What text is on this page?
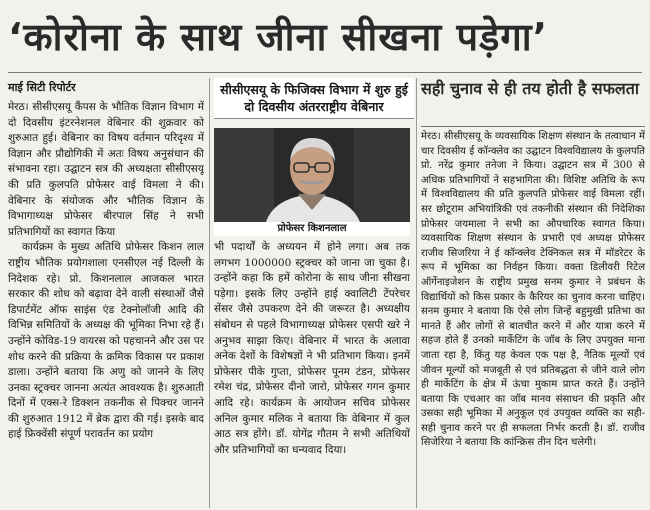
‘कोरोना के साथ जीना सीखना पड़ेगा’
माई सिटी रिपोर्टर

मेरठ। सीसीएसयू कैंपस के भौतिक विज्ञान विभाग में दो दिवसीय इंटरनेशनल वेबिनार की शुक्रवार को शुरुआत हुई। वेबिनार का विषय वर्तमान परिदृश्य में विज्ञान और प्रौद्योगिकी में अतः विषय अनुसंधान की संभावना रहा। उद्घाटन सत्र की अध्यक्षता सीसीएसयू की प्रति कुलपति प्रोफेसर वाई विमला ने की। वेबिनार के संयोजक और भौतिक विज्ञान के विभागाध्यक्ष प्रोफेसर बीरपाल सिंह ने सभी प्रतिभागियों का स्वागत किया

कार्यक्रम के मुख्य अतिथि प्रोफेसर किशन लाल राष्ट्रीय भौतिक प्रयोगशाला एनसीएल नई दिल्ली के निदेशक रहे। प्रो. किशनलाल आजकल भारत सरकार की शोध को बढ़ावा देने वाली संस्थाओं जैसे डिपार्टमेंट ऑफ साइंस एंड टेक्नोलॉजी आदि की विभिन्न समितियों के अध्यक्ष की भूमिका निभा रहे हैं। उन्होंने कोविड-19 वायरस को पहचानने और उस पर शोध करने की प्रक्रिया के क्रमिक विकास पर प्रकाश डाला। उन्होंने बताया कि अणु को जानने के लिए उनका स्ट्रक्चर जानना अत्यंत आवश्यक है। शुरुआती दिनों में एक्स-रे डिक्शन तकनीक से पिक्चर जानने की शुरुआत 1912 में ब्रेक द्वारा की गई। इसके बाद हाई फ्रिक्वेंसी संपूर्ण परावर्तन का प्रयोग

सीसीएसयू के फिजिक्स विभाग में शुरु हुई दो दिवसीय अंतरराष्ट्रीय वेबिनार
प्रोफेसर किशनलाल

भी पदार्थों के अध्ययन में होने लगा। अब तक लगभग 1000000 स्ट्रक्चर को जाना जा चुका है। उन्होंने कहा कि हमें कोरोना के साथ जीना सीखना पड़ेगा। इसके लिए उन्होंने हाई क्वालिटी टेंपरेचर सेंसर जैसे उपकरण देने की जरूरत है। अध्यक्षीय संबोधन से पहले विभागाध्यक्ष प्रोफेसर एसपी खरे ने अनुभव साझा किए। वेबिनार में भारत के अलावा अनेक देशों के विशेषज्ञों ने भी प्रतिभाग किया। इनमें प्रोफेसर पीके गुप्ता, प्रोफेसर पूनम टंडन, प्रोफेसर रमेश चंद्र, प्रोफेसर दीनो जारो, प्रोफेसर गगन कुमार आदि रहे। कार्यक्रम के आयोजन सचिव प्रोफेसर अनिल कुमार मलिक ने बताया कि वेबिनार में कुल आठ सत्र होंगे। डॉ. योगेंद्र गौतम ने सभी अतिथियों और प्रतिभागियों का धन्यवाद दिया।

सही चुनाव से ही तय होती है सफलता

मेरठ। सीसीएसयू के व्यवसायिक शिक्षण संस्थान के तत्वाधान में चार दिवसीय ई कॉन्क्लेव का उद्घाटन विश्वविद्यालय के कुलपति प्रो. नरेंद्र कुमार तनेजा ने किया। उद्घाटन सत्र में 300 से अधिक प्रतिभागियों ने सहभागिता की। विशिष्ट अतिथि के रूप में विश्वविद्यालय की प्रति कुलपति प्रोफेसर वाई विमला रहीं। सर छोटूराम अभियांत्रिकी एवं तकनीकी संस्थान की निदेशिका प्रोफेसर जयमाला ने सभी का औपचारिक स्वागत किया। व्यवसायिक शिक्षण संस्थान के प्रभारी एवं अध्यक्ष प्रोफेसर राजीव सिजरिया ने ई कॉन्क्लेव टेक्निकल सत्र में मॉडरेटर के रूप में भूमिका का निर्वहन किया। वक्ता डिलीवरी रिटेल ऑर्गेनाइजेशन के राष्ट्रीय प्रमुख सनम कुमार ने प्रबंधन के विद्यार्थियों को किस प्रकार के कैरियर का चुनाव करना चाहिए। सनम कुमार ने बताया कि ऐसे लोग जिन्हें बहुमुखी प्रतिभा का मानते हैं और लोगों से बातचीत करने में और यात्रा करने में सहज होते हैं उनको मार्केटिंग के जॉब के लिए उपयुक्त माना जाता रहा है, किंतु यह केवल एक पक्ष है, नैतिक मूल्यों एवं जीवन मूल्यों को मजबूती से एवं प्रतिबद्धता से जीने वाले लोग ही मार्केटिंग के क्षेत्र में ऊंचा मुकाम प्राप्त करते हैं। उन्होंने बताया कि एचआर का जॉब मानव संसाधन की प्रकृति और उसका सही भूमिका में अनुकूल एवं उपयुक्त व्यक्ति का सही-सही चुनाव करने पर ही सफलता निर्भर करती है। डॉ. राजीव सिजेरिया ने बताया कि कांन्क्रिस तीन दिन चलेगी।
